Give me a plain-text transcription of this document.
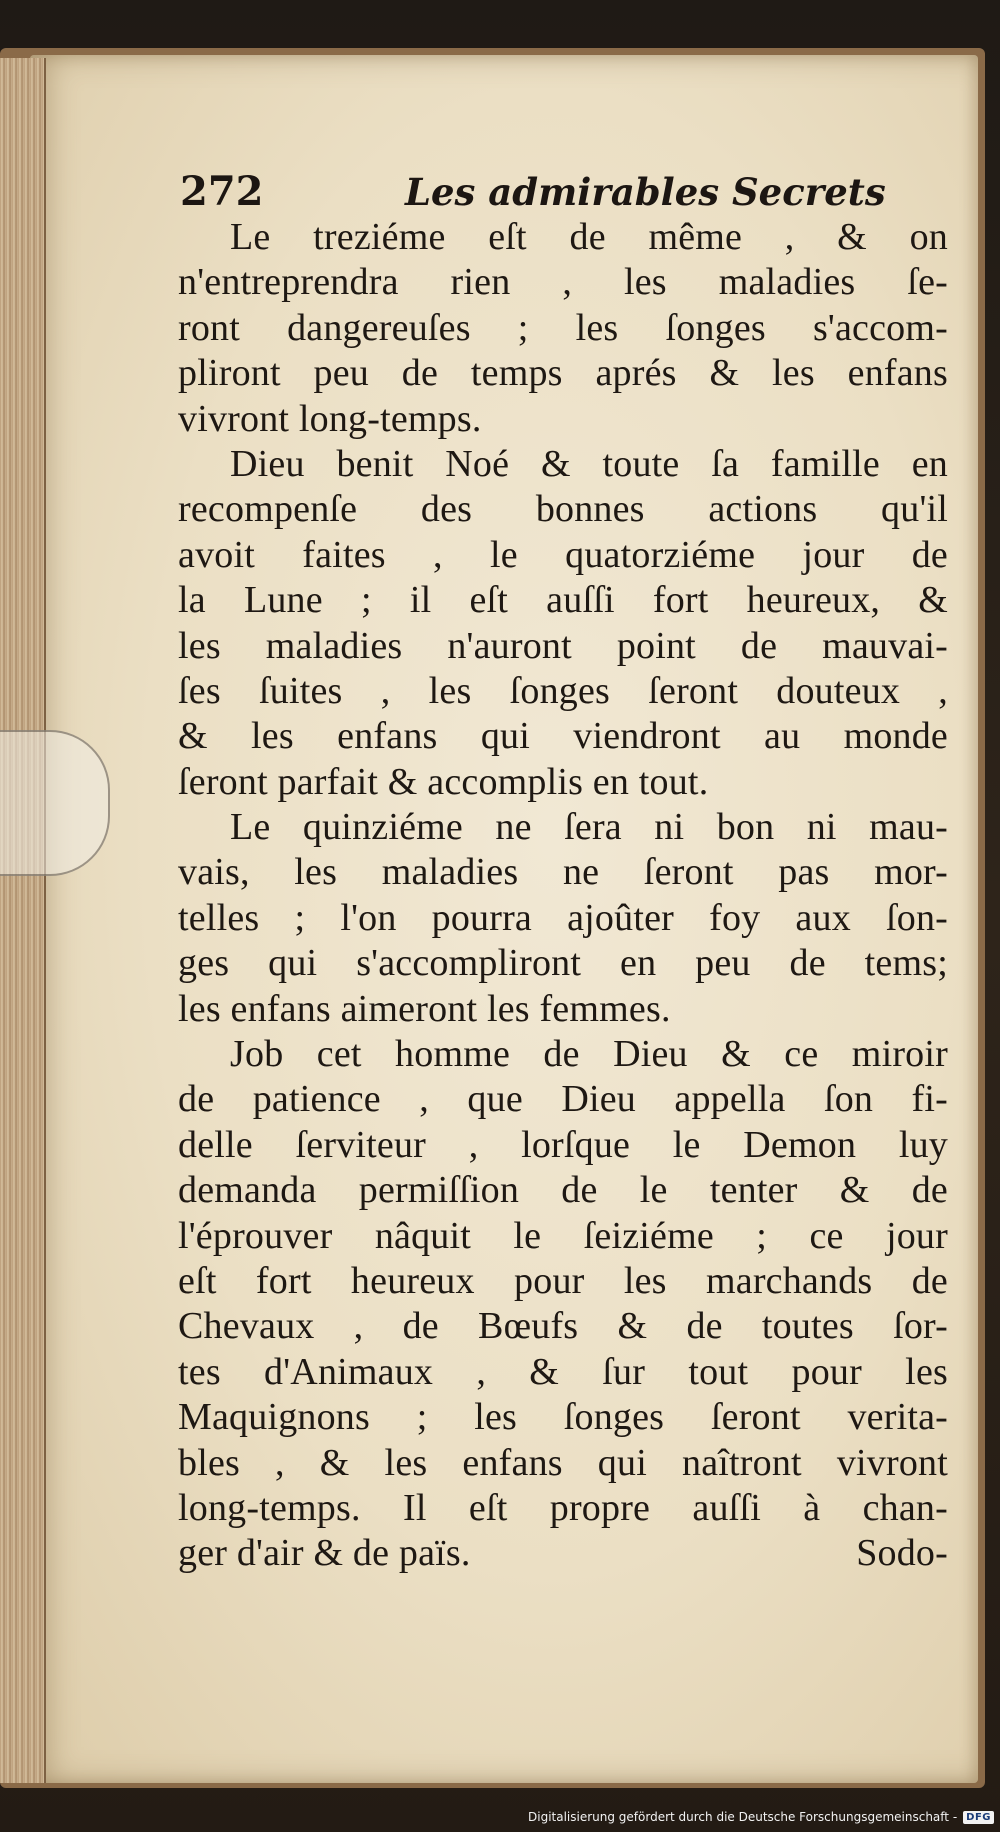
272	Les admirables Secrets
Le treziéme eſt de même , & on
n'entreprendra rien , les maladies ſe-
ront dangereuſes ; les ſonges s'accom-
pliront peu de temps aprés & les enfans
vivront long-temps.
Dieu benit Noé & toute ſa famille en
recompenſe des bonnes actions qu'il
avoit faites , le quatorziéme jour de
la Lune ; il eſt auſſi fort heureux, &
les maladies n'auront point de mauvai-
ſes ſuites , les ſonges ſeront douteux ,
& les enfans qui viendront au monde
ſeront parfait & accomplis en tout.
Le quinziéme ne ſera ni bon ni mau-
vais, les maladies ne ſeront pas mor-
telles ; l'on pourra ajoûter foy aux ſon-
ges qui s'accompliront en peu de tems;
les enfans aimeront les femmes.
Job cet homme de Dieu & ce miroir
de patience , que Dieu appella ſon fi-
delle ſerviteur , lorſque le Demon luy
demanda permiſſion de le tenter & de
l'éprouver nâquit le ſeiziéme ; ce jour
eſt fort heureux pour les marchands de
Chevaux , de Bœufs & de toutes ſor-
tes d'Animaux , & ſur tout pour les
Maquignons ; les ſonges ſeront verita-
bles , & les enfans qui naîtront vivront
long-temps. Il eſt propre auſſi à chan-
ger d'air & de païs.	Sodo-
Digitalisierung gefördert durch die Deutsche Forschungsgemeinschaft - DFG
